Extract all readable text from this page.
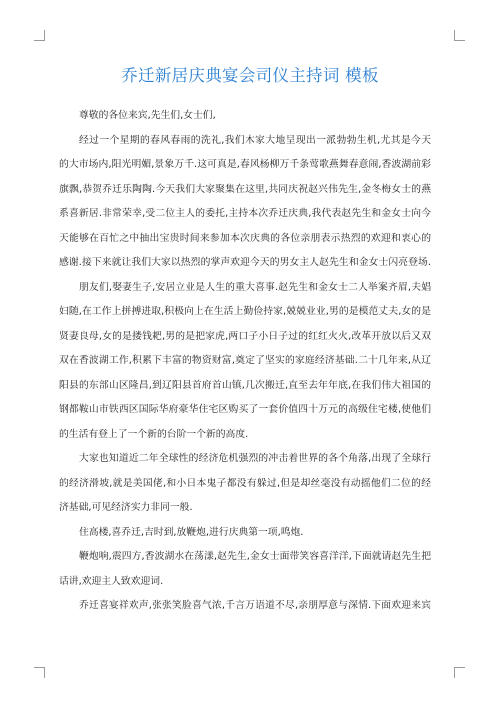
乔迁新居庆典宴会司仪主持词 模板
尊敬的各位来宾,先生们,女士们,
经过一个星期的春风春雨的洗礼,我们木家大地呈现出一派勃勃生机,尤其是今天
的大市场内,阳光明媚,景象万千.这可真是,春风杨柳万千条莺歌燕舞春意闹,香波湖前彩
旗飘,恭贺乔迁乐陶陶.今天我们大家聚集在这里,共同庆祝赵兴伟先生,金冬梅女士的燕
系喜新居.非常荣幸,受二位主人的委托,主持本次乔迁庆典,我代表赵先生和金女士向今
天能够在百忙之中抽出宝贵时间来参加本次庆典的各位亲朋表示热烈的欢迎和衷心的
感谢.接下来就让我们大家以热烈的掌声欢迎今天的男女主人赵先生和金女士闪亮登场.
朋友们,娶妻生子,安居立业是人生的重大喜事.赵先生和金女士二人举案齐眉,夫娼
妇随,在工作上拼搏进取,积极向上在生活上勤俭持家,兢兢业业,男的是模范丈夫,女的是
贤妻良母,女的是搂钱耙,男的是把家虎,两口子小日子过的红红火火,改革开放以后又双
双在香波湖工作,积累下丰富的物资财富,奠定了坚实的家庭经济基础.二十几年来,从辽
阳县的东部山区隆昌,到辽阳县首府首山镇,几次搬迁,直至去年年底,在我们伟大祖国的
钢都鞍山市铁西区国际华府豪华住宅区购买了一套价值四十万元的高级住宅楼,使他们
的生活有登上了一个新的台阶一个新的高度.
大家也知道近二年全球性的经济危机强烈的冲击着世界的各个角落,出现了全球行
的经济滑坡,就是美国佬,和小日本鬼子都没有躲过,但是却丝毫没有动摇他们二位的经
济基础,可见经济实力非同一般.
住高楼,喜乔迁,吉时到,放鞭炮,进行庆典第一项,鸣炮.
鞭炮响,震四方,香波湖水在荡漾,赵先生,金女士面带笑容喜洋洋,下面就请赵先生把
话讲,欢迎主人致欢迎词.
乔迁喜宴祥欢声,张张笑脸喜气浓,千言万语道不尽,亲朋厚意与深情.下面欢迎来宾
